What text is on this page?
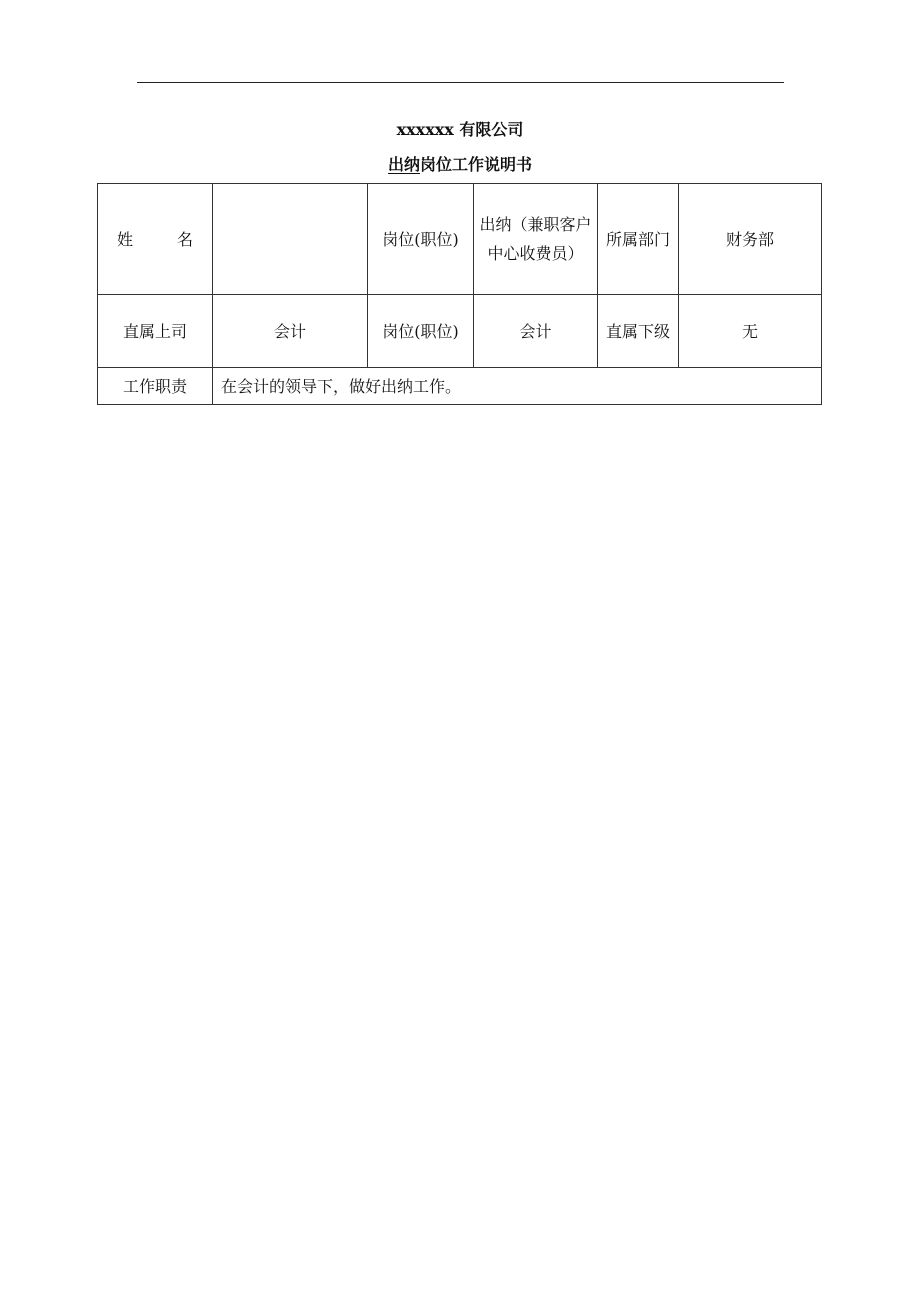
xxxxxx 有限公司
出纳岗位工作说明书
姓 名		岗位(职位)	出纳（兼职客户中心收费员）	所属部门	财务部
直属上司	会计	岗位(职位)	会计	直属下级	无
工作职责	在会计的领导下，做好出纳工作。				
